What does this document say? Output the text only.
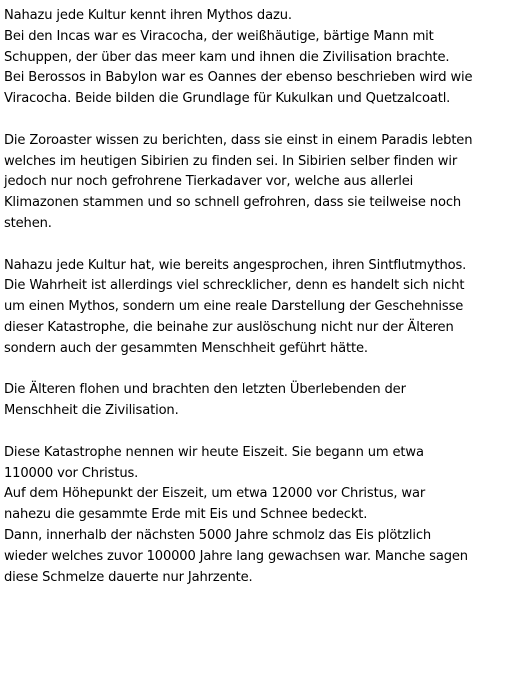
Nahazu jede Kultur kennt ihren Mythos dazu.
Bei den Incas war es Viracocha, der weißhäutige, bärtige Mann mit
Schuppen, der über das meer kam und ihnen die Zivilisation brachte.
Bei Berossos in Babylon war es Oannes der ebenso beschrieben wird wie
Viracocha. Beide bilden die Grundlage für Kukulkan und Quetzalcoatl.

Die Zoroaster wissen zu berichten, dass sie einst in einem Paradis lebten
welches im heutigen Sibirien zu finden sei. In Sibirien selber finden wir
jedoch nur noch gefrohrene Tierkadaver vor, welche aus allerlei
Klimazonen stammen und so schnell gefrohren, dass sie teilweise noch
stehen.

Nahazu jede Kultur hat, wie bereits angesprochen, ihren Sintflutmythos.
Die Wahrheit ist allerdings viel schrecklicher, denn es handelt sich nicht
um einen Mythos, sondern um eine reale Darstellung der Geschehnisse
dieser Katastrophe, die beinahe zur auslöschung nicht nur der Älteren
sondern auch der gesammten Menschheit geführt hätte.

Die Älteren flohen und brachten den letzten Überlebenden der
Menschheit die Zivilisation.

Diese Katastrophe nennen wir heute Eiszeit. Sie begann um etwa
110000 vor Christus.
Auf dem Höhepunkt der Eiszeit, um etwa 12000 vor Christus, war
nahezu die gesammte Erde mit Eis und Schnee bedeckt.
Dann, innerhalb der nächsten 5000 Jahre schmolz das Eis plötzlich
wieder welches zuvor 100000 Jahre lang gewachsen war. Manche sagen
diese Schmelze dauerte nur Jahrzente.
